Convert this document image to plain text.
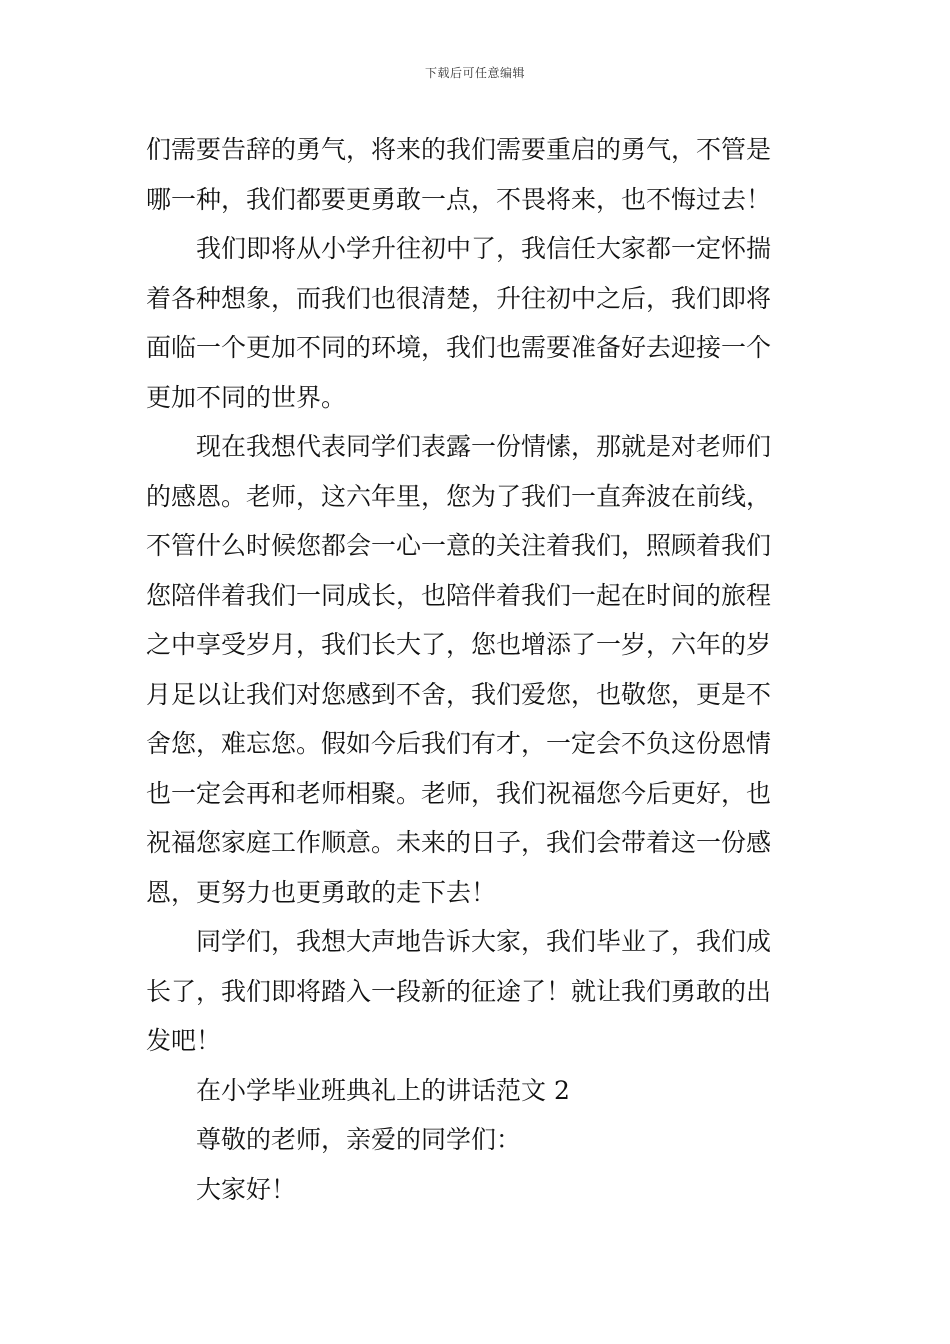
下载后可任意编辑
们需要告辞的勇气，将来的我们需要重启的勇气，不管是
哪一种，我们都要更勇敢一点，不畏将来，也不悔过去！
我们即将从小学升往初中了，我信任大家都一定怀揣
着各种想象，而我们也很清楚，升往初中之后，我们即将
面临一个更加不同的环境，我们也需要准备好去迎接一个
更加不同的世界。
现在我想代表同学们表露一份情愫，那就是对老师们
的感恩。老师，这六年里，您为了我们一直奔波在前线，
不管什么时候您都会一心一意的关注着我们，照顾着我们
您陪伴着我们一同成长，也陪伴着我们一起在时间的旅程
之中享受岁月，我们长大了，您也增添了一岁，六年的岁
月足以让我们对您感到不舍，我们爱您，也敬您，更是不
舍您，难忘您。假如今后我们有才，一定会不负这份恩情
也一定会再和老师相聚。老师，我们祝福您今后更好，也
祝福您家庭工作顺意。未来的日子，我们会带着这一份感
恩，更努力也更勇敢的走下去！
同学们，我想大声地告诉大家，我们毕业了，我们成
长了，我们即将踏入一段新的征途了！就让我们勇敢的出
发吧！
在小学毕业班典礼上的讲话范文 2
尊敬的老师，亲爱的同学们：
大家好！
